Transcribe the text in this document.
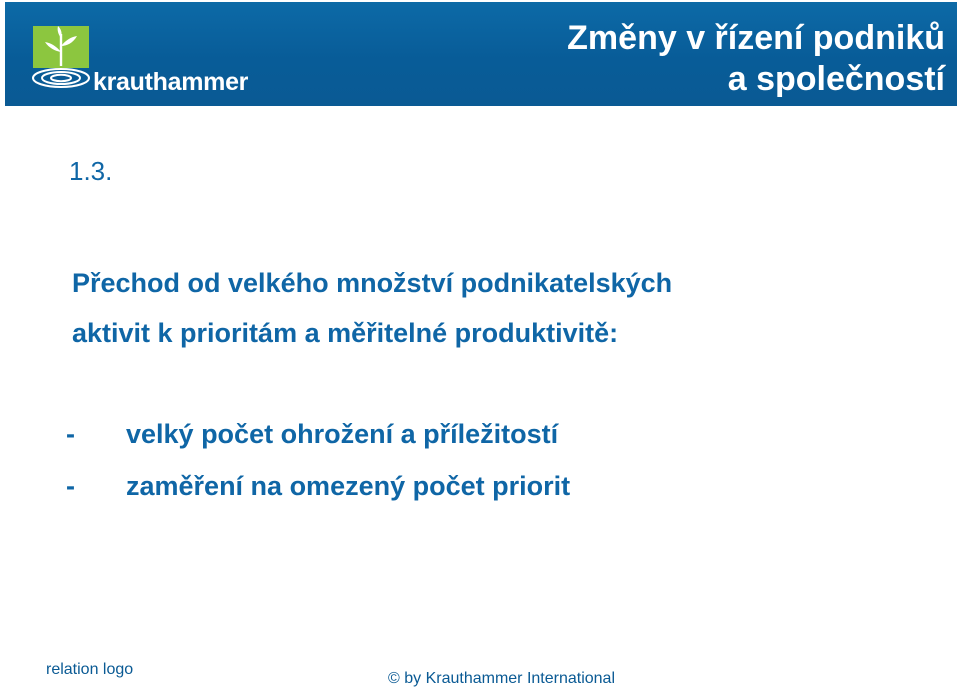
krauthammer
Změny v řízení podniků
a společností
1.3.
Přechod od velkého množství podnikatelských
aktivit k prioritám a měřitelné produktivitě:
- velký počet ohrožení a příležitostí
- zaměření na omezený počet priorit
relation logo
© by Krauthammer International
